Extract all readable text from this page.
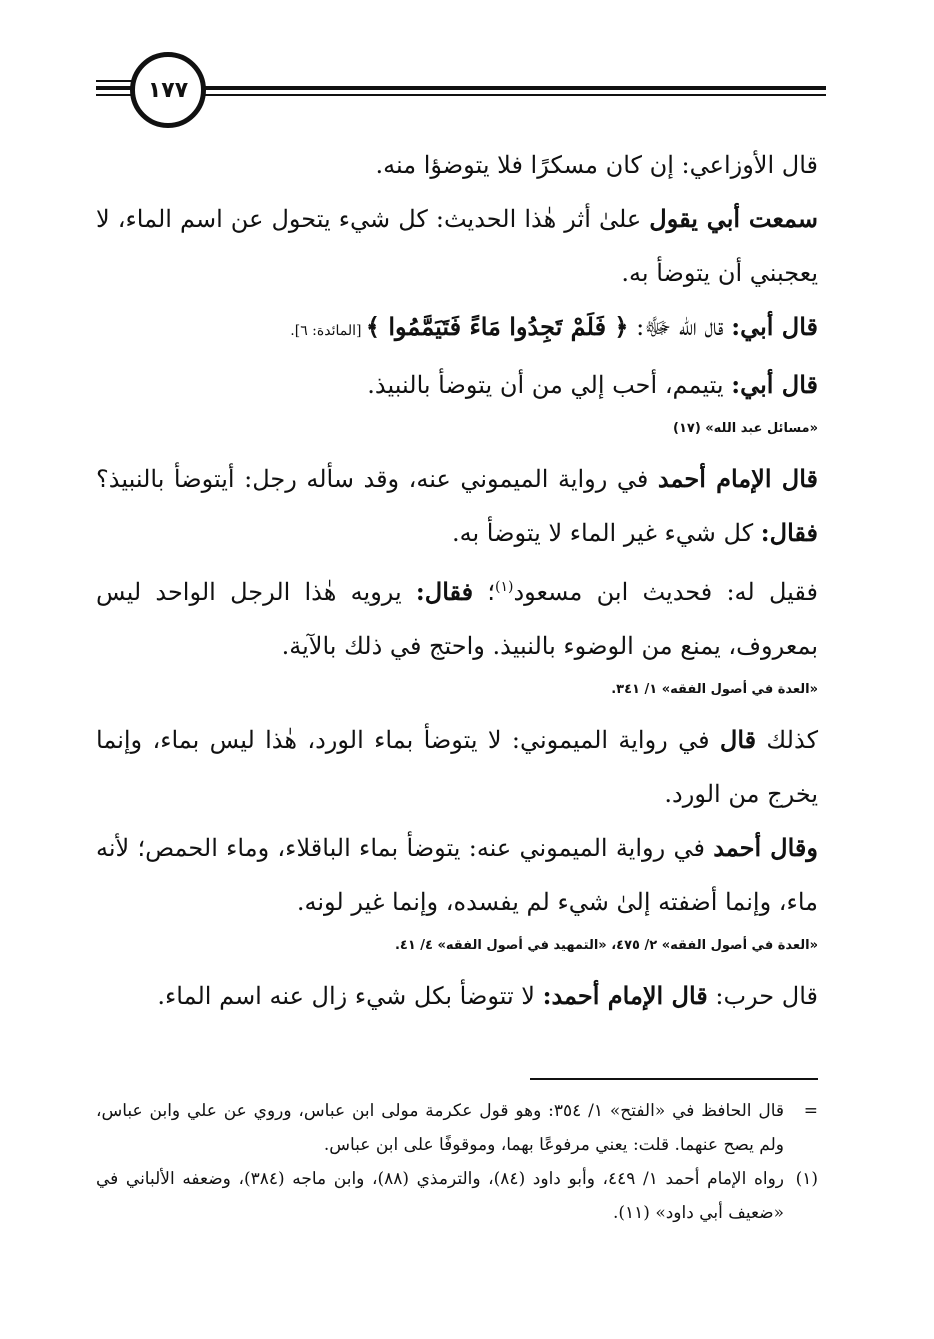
١٧٧

قال الأوزاعي: إن كان مسكرًا فلا يتوضؤا منه.

سمعت أبي يقول علىٰ أثر هٰذا الحديث: كل شيء يتحول عن اسم الماء، لا يعجبني أن يتوضأ به.

قال أبي: قال الله ﷻ: ﴿ فَلَمْ تَجِدُوا مَاءً فَتَيَمَّمُوا ﴾ [المائدة: ٦].

قال أبي: يتيمم، أحب إلي من أن يتوضأ بالنبيذ.

«مسائل عبد الله» (١٧)

قال الإمام أحمد في رواية الميموني عنه، وقد سأله رجل: أيتوضأ بالنبيذ؟ فقال: كل شيء غير الماء لا يتوضأ به.

فقيل له: فحديث ابن مسعود$^{(١)}$؛ فقال: يرويه هٰذا الرجل الواحد ليس بمعروف، يمنع من الوضوء بالنبيذ. واحتج في ذلك بالآية.

«العدة في أصول الفقه» ١/ ٣٤١.

كذلك قال في رواية الميموني: لا يتوضأ بماء الورد، هٰذا ليس بماء، وإنما يخرج من الورد.

وقال أحمد في رواية الميموني عنه: يتوضأ بماء الباقلاء، وماء الحمص؛ لأنه ماء، وإنما أضفته إلىٰ شيء لم يفسده، وإنما غير لونه.

«العدة في أصول الفقه» ٢/ ٤٧٥، «التمهيد في أصول الفقه» ٤/ ٤١.

قال حرب: قال الإمام أحمد: لا تتوضأ بكل شيء زال عنه اسم الماء.

=
قال الحافظ في «الفتح» ١/ ٣٥٤: وهو قول عكرمة مولى ابن عباس، وروي عن علي وابن عباس، ولم يصح عنهما. قلت: يعني مرفوعًا بهما، وموقوفًا على ابن عباس.
(١)
رواه الإمام أحمد ١/ ٤٤٩، وأبو داود (٨٤)، والترمذي (٨٨)، وابن ماجه (٣٨٤)، وضعفه الألباني في «ضعيف أبي داود» (١١).
